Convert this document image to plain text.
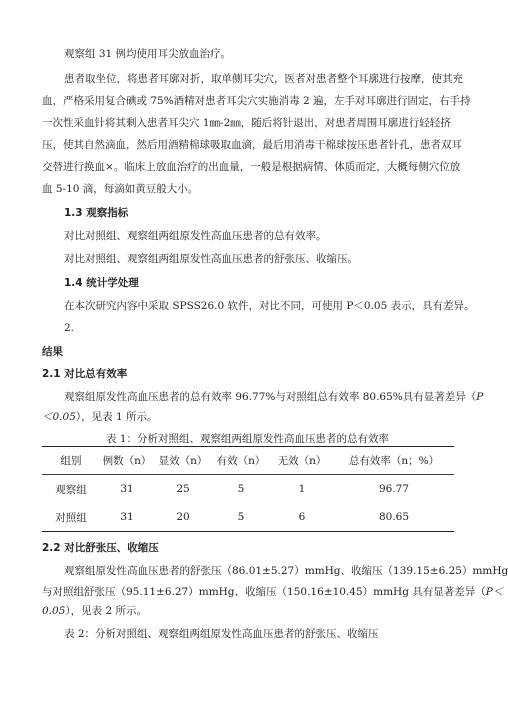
观察组 31 例均使用耳尖放血治疗。
患者取坐位，将患者耳廓对折，取单侧耳尖穴，医者对患者整个耳廓进行按摩，使其充
血，严格采用复合碘或 75%酒精对患者耳尖穴实施消毒 2 遍，左手对耳廓进行固定，右手持
一次性采血针将其剩入患者耳尖穴 1㎜-2㎜，随后将针退出，对患者周围耳廓进行轻轻挤
压，使其自然滴血，然后用酒精棉球吸取血滴，最后用消毒干棉球按压患者针孔，患者双耳
交替进行换血×。临床上放血治疗的出血量，一般是根据病情、体质而定，大概每侧穴位放
血 5-10 滴，每滴如黄豆般大小。
1.3 观察指标
对比对照组、观察组两组原发性高血压患者的总有效率。
对比对照组、观察组两组原发性高血压患者的舒张压、收缩压。
1.4 统计学处理
在本次研究内容中采取 SPSS26.0 软件，对比不同，可使用 P＜0.05 表示，具有差异。
2.
结果
2.1 对比总有效率
观察组原发性高血压患者的总有效率 96.77%与对照组总有效率 80.65%具有显著差异（P
＜0.05），见表 1 所示。
表 1：分析对照组、观察组两组原发性高血压患者的总有效率
组别	例数（n）	显效（n）	有效（n）	无效（n）	总有效率（n；%）
观察组	31	25	5	1	96.77
对照组	31	20	5	6	80.65
2.2 对比舒张压、收缩压
观察组原发性高血压患者的舒张压（86.01±5.27）mmHg、收缩压（139.15±6.25）mmHg
与对照组舒张压（95.11±6.27）mmHg、收缩压（150.16±10.45）mmHg 具有显著差异（P＜
0.05），见表 2 所示。
表 2：分析对照组、观察组两组原发性高血压患者的舒张压、收缩压
